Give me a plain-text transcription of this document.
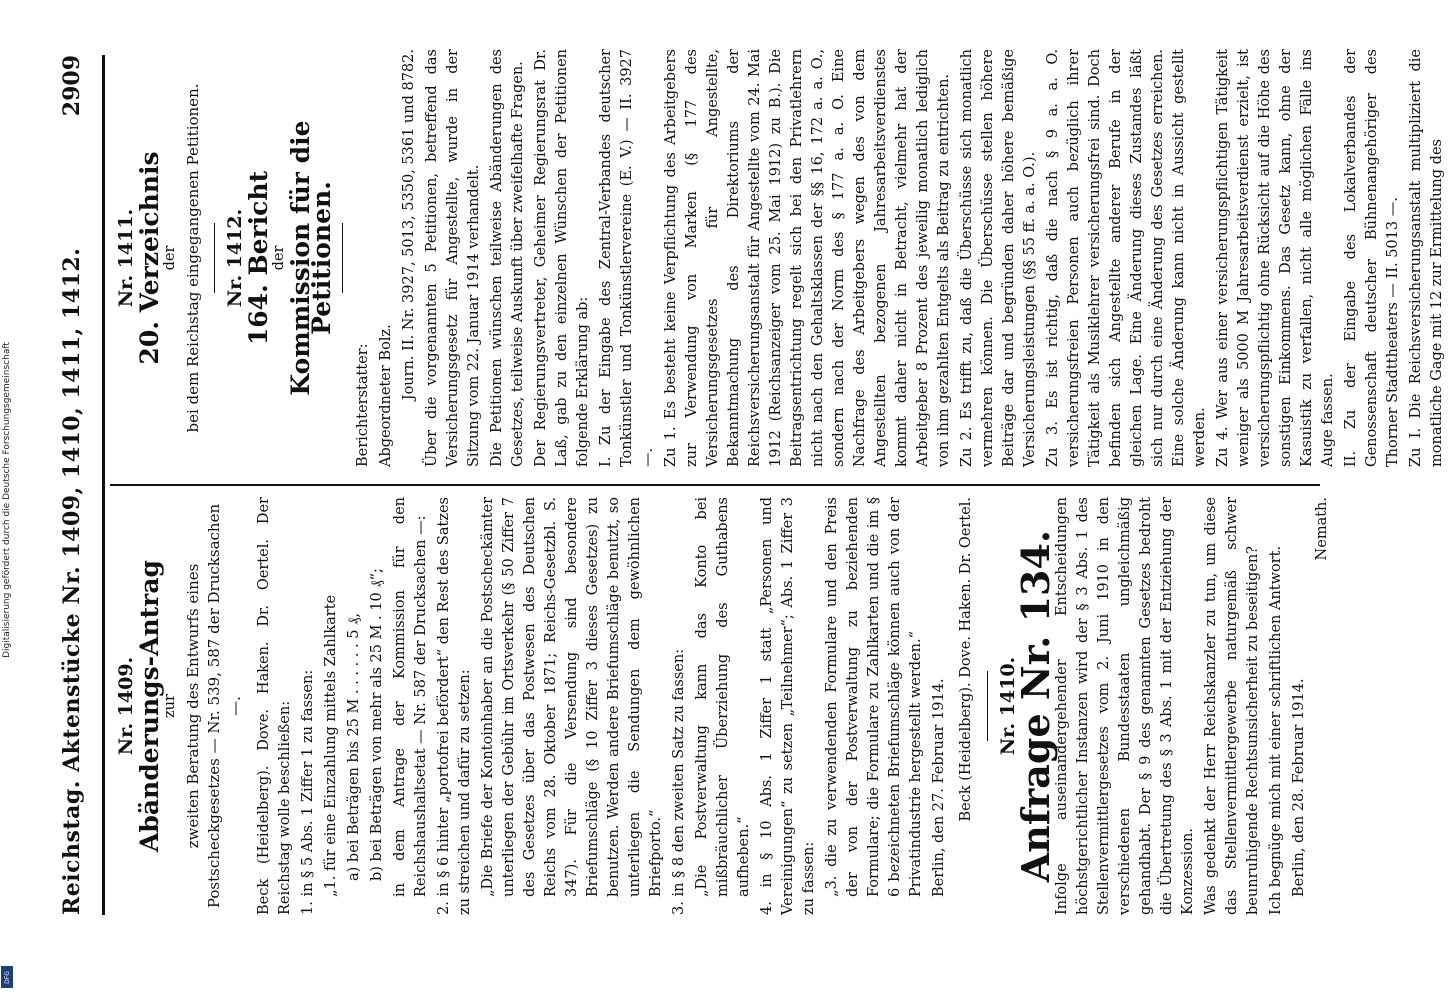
Digitalisierung gefördert durch die Deutsche Forschungsgemeinschaft
DFG
Reichstag. Aktenstücke Nr. 1409, 1410, 1411, 1412.
2909
Nr. 1409.
Abänderungs-Antrag
zur zweiten Beratung des Entwurfs eines Postscheckgesetzes — Nr. 539, 587 der Drucksachen —. Beck (Heidelberg). Dove. Haken. Dr. Oertel. Der Reichstag wolle beschließen: 1. in § 5 Abs. 1 Ziffer 1 zu fassen: „1. für eine Einzahlung mittels Zahlkarte a) bei Beträgen bis 25 M . . . . . . 5 ₰, b) bei Beträgen von mehr als 25 M . 10 ₰“; in dem Antrage der Kommission für den Reichshaushaltsetat — Nr. 587 der Drucksachen —: 2. in § 6 hinter „portofrei befördert“ den Rest des Satzes zu streichen und dafür zu setzen: „Die Briefe der Kontoinhaber an die Postscheckämter unterliegen der Gebühr im Ortsverkehr (§ 50 Ziffer 7 des Gesetzes über das Postwesen des Deutschen Reichs vom 28. Oktober 1871; Reichs-Gesetzbl. S. 347). Für die Versendung sind besondere Briefumschläge (§ 10 Ziffer 3 dieses Gesetzes) zu benutzen. Werden andere Briefumschläge benutzt, so unterliegen die Sendungen dem gewöhnlichen Briefporto.“ 3. in § 8 den zweiten Satz zu fassen: „Die Postverwaltung kann das Konto bei mißbräuchlicher Überziehung des Guthabens aufheben.“ 4. in § 10 Abs. 1 Ziffer 1 statt „Personen und Vereinigungen“ zu setzen „Teilnehmer“; Abs. 1 Ziffer 3 zu fassen: „3. die zu verwendenden Formulare und den Preis der von der Postverwaltung zu beziehenden Formulare; die Formulare zu Zahlkarten und die im § 6 bezeichneten Briefumschläge können auch von der Privatindustrie hergestellt werden.“ Berlin, den 27. Februar 1914. Beck (Heidelberg). Dove. Haken. Dr. Oertel. Nr. 1410.
Anfrage Nr. 134.

Infolge auseinandergehender Entscheidungen höchstgerichtlicher Instanzen wird der § 3 Abs. 1 des Stellenvermittlergesetzes vom 2. Juni 1910 in den verschiedenen Bundesstaaten ungleichmäßig gehandhabt. Der § 9 des genannten Gesetzes bedroht die Übertretung des § 3 Abs. 1 mit der Entziehung der Konzession. Was gedenkt der Herr Reichskanzler zu tun, um diese das Stellenvermittlergewerbe naturgemäß schwer beunruhigende Rechtsunsicherheit zu beseitigen? Ich begnüge mich mit einer schriftlichen Antwort. Berlin, den 28. Februar 1914.

Nemath.

Nr. 1411.
20. Verzeichnis
der bei dem Reichstag eingegangenen Petitionen. Nr. 1412.
164. Bericht
der Kommission für die Petitionen.

Berichterstatter: Abgeordneter Bolz. Journ. II. Nr. 3927, 5013, 5350, 5361 und 8782. Über die vorgenannten 5 Petitionen, betreffend das Versicherungsgesetz für Angestellte, wurde in der Sitzung vom 22. Januar 1914 verhandelt. Die Petitionen wünschen teilweise Abänderungen des Gesetzes, teilweise Auskunft über zweifelhafte Fragen. Der Regierungsvertreter, Geheimer Regierungsrat Dr. Laß, gab zu den einzelnen Wünschen der Petitionen folgende Erklärung ab: I. Zu der Eingabe des Zentral-Verbandes deutscher Tonkünstler und Tonkünstlervereine (E. V.) — II. 3927 —. Zu 1. Es besteht keine Verpflichtung des Arbeitgebers zur Verwendung von Marken (§ 177 des Versicherungsgesetzes für Angestellte, Bekanntmachung des Direktoriums der Reichsversicherungsanstalt für Angestellte vom 24. Mai 1912 (Reichsanzeiger vom 25. Mai 1912) zu B.). Die Beitragsentrichtung regelt sich bei den Privatlehrern nicht nach den Gehaltsklassen der §§ 16, 172 a. a. O., sondern nach der Norm des § 177 a. a. O. Eine Nachfrage des Arbeitgebers wegen des von dem Angestellten bezogenen Jahresarbeitsverdienstes kommt daher nicht in Betracht, vielmehr hat der Arbeitgeber 8 Prozent des jeweilig monatlich lediglich von ihm gezahlten Entgelts als Beitrag zu entrichten. Zu 2. Es trifft zu, daß die Überschüsse sich monatlich vermehren können. Die Überschüsse stellen höhere Beiträge dar und begründen daher höhere bemäßige Versicherungsleistungen (§§ 55 ff. a. a. O.). Zu 3. Es ist richtig, daß die nach § 9 a. a. O. versicherungsfreien Personen auch bezüglich ihrer Tätigkeit als Musiklehrer versicherungsfrei sind. Doch befinden sich Angestellte anderer Berufe in der gleichen Lage. Eine Änderung dieses Zustandes läßt sich nur durch eine Änderung des Gesetzes erreichen. Eine solche Änderung kann nicht in Aussicht gestellt werden. Zu 4. Wer aus einer versicherungspflichtigen Tätigkeit weniger als 5000 M Jahresarbeitsverdienst erzielt, ist versicherungspflichtig ohne Rücksicht auf die Höhe des sonstigen Einkommens. Das Gesetz kann, ohne der Kasuistik zu verfallen, nicht alle möglichen Fälle ins Auge fassen. II. Zu der Eingabe des Lokalverbandes der Genossenschaft deutscher Bühnenangehöriger des Thorner Stadttheaters — II. 5013 —. Zu I. Die Reichsversicherungsanstalt multipliziert die monatliche Gage mit 12 zur Ermittelung des
